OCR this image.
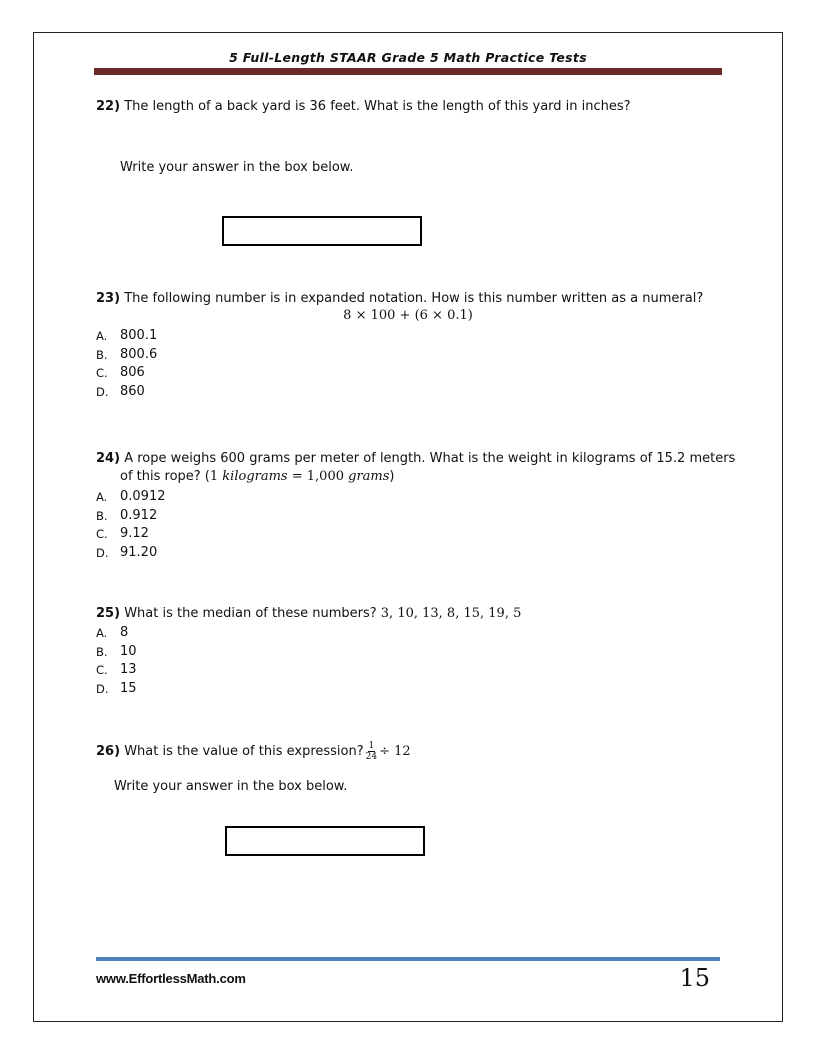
5 Full-Length STAAR Grade 5 Math Practice Tests
22) The length of a back yard is 36 feet. What is the length of this yard in inches?
Write your answer in the box below.
23) The following number is in expanded notation. How is this number written as a numeral?
8 × 100 + (6 × 0.1)
A. 800.1
B. 800.6
C. 806
D. 860
24) A rope weighs 600 grams per meter of length. What is the weight in kilograms of 15.2 meters
of this rope? (1 kilograms = 1,000 grams)
A. 0.0912
B. 0.912
C. 9.12
D. 91.20
25) What is the median of these numbers? 3, 10, 13, 8, 15, 19, 5
A. 8
B. 10
C. 13
D. 15
26)
What is the value of this expression? $\frac{1}{24} \div 12$
Write your answer in the box below.
www.EffortlessMath.com	15
